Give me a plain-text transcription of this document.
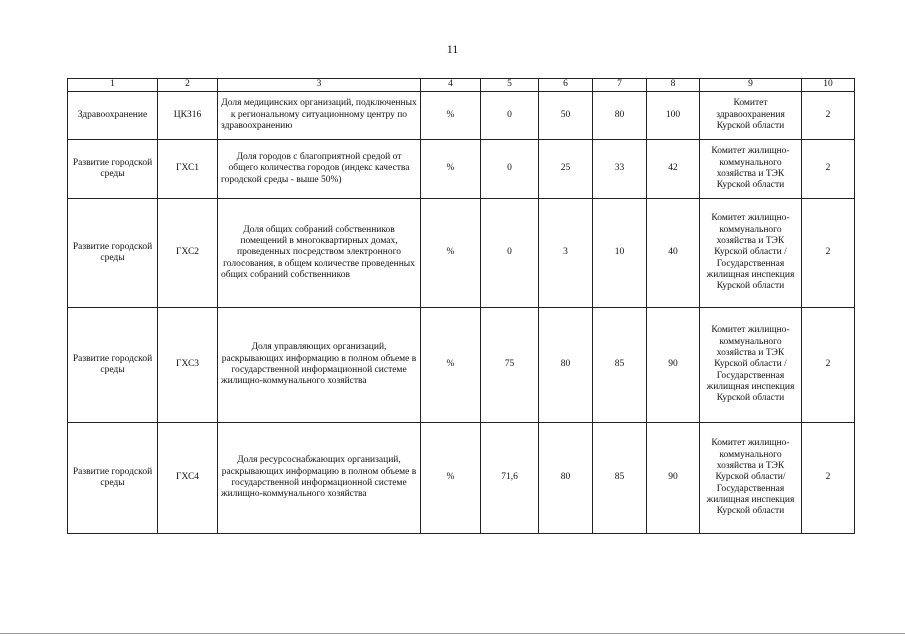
11
1	2	3	4	5	6	7	8	9	10
Здравоохранение	ЦКЗ16	Доля медицинских организаций, подключенных к региональному ситуационному центру по здравоохранению	%	0	50	80	100	Комитет здравоохранения Курской области	2
Развитие городской среды	ГХС1	Доля городов с благоприятной средой от общего количества городов (индекс качества городской среды - выше 50%)	%	0	25	33	42	Комитет жилищно-коммунального хозяйства и ТЭК Курской области	2
Развитие городской среды	ГХС2	Доля общих собраний собственников помещений в многоквартирных домах, проведенных посредством электронного голосования, в общем количестве проведенных общих собраний собственников	%	0	3	10	40	Комитет жилищно-коммунального хозяйства и ТЭК Курской области / Государственная жилищная инспекция Курской области	2
Развитие городской среды	ГХС3	Доля управляющих организаций, раскрывающих информацию в полном объеме в государственной информационной системе жилищно-коммунального хозяйства	%	75	80	85	90	Комитет жилищно-коммунального хозяйства и ТЭК Курской области / Государственная жилищная инспекция Курской области	2
Развитие городской среды	ГХС4	Доля ресурсоснабжающих организаций, раскрывающих информацию в полном объеме в государственной информационной системе жилищно-коммунального хозяйства	%	71,6	80	85	90	Комитет жилищно-коммунального хозяйства и ТЭК Курской области/ Государственная жилищная инспекция Курской области	2
